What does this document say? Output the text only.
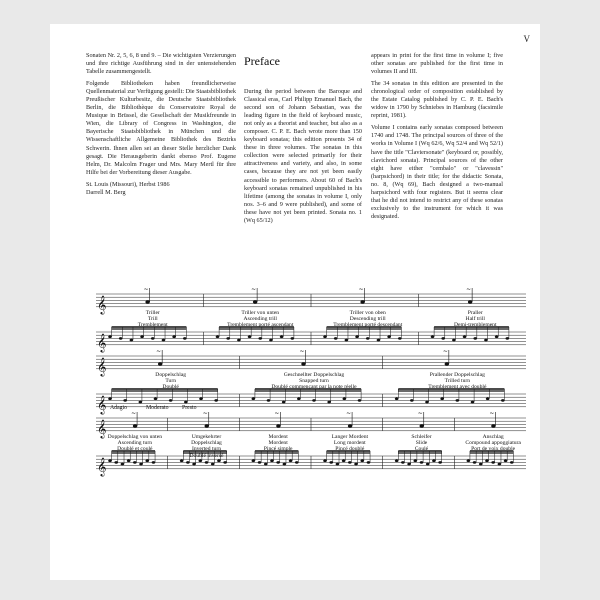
V

Sonaten Nr. 2, 5, 6, 8 und 9. – Die wichtigsten Verzierungen und ihre richtige Ausführung sind in der untenstehenden Tabelle zusammengestellt.

Folgende Bibliotheken haben freundlicherweise Quellenmaterial zur Verfügung gestellt: Die Staatsbibliothek Preußischer Kulturbesitz, die Deutsche Staatsbibliothek Berlin, die Bibliothèque du Conservatoire Royal de Musique in Brüssel, die Gesellschaft der Musikfreunde in Wien, die Library of Congress in Washington, die Bayerische Staatsbibliothek in München und die Wissenschaftliche Allgemeine Bibliothek des Bezirks Schwerin. Ihnen allen sei an dieser Stelle herzlicher Dank gesagt. Die Herausgeberin dankt ebenso Prof. Eugene Helm, Dr. Malcolm Frager und Mrs. Mary Mertl für ihre Hilfe bei der Vorbereitung dieser Ausgabe.

St. Louis (Missouri), Herbst 1986

Darrell M. Berg

Preface

During the period between the Baroque and Classical eras, Carl Philipp Emanuel Bach, the second son of Johann Sebastian, was the leading figure in the field of keyboard music, not only as a theorist and teacher, but also as a composer. C. P. E. Bach wrote more than 150 keyboard sonatas; this edition presents 34 of these in three volumes. The sonatas in this collection were selected primarily for their attractiveness and variety, and also, in some cases, because they are not yet been easily accessible to performers. About 60 of Bach's keyboard sonatas remained unpublished in his lifetime (among the sonatas in volume I, only nos. 3–6 and 9 were published), and some of these have not yet been printed. Sonata no. 1 (Wq 65/12)

appears in print for the first time in volume I; five other sonatas are published for the first time in volumes II and III.

The 34 sonatas in this edition are presented in the chronological order of composition established by the Estate Catalog published by C. P. E. Bach's widow in 1790 by Schniebes in Hamburg (facsimile reprint, 1981).

Volume I contains early sonatas composed between 1740 and 1748. The principal sources of three of the works in Volume I (Wq 62/6, Wq 52/4 and Wq 52/1) have the title "Claviersonate" (keyboard or, possibly, clavichord sonata). Principal sources of the other eight have either "cembalo" or "clavessin" (harpsichord) in their title; for the didactic Sonata, no. 8, (Wq 69), Bach designed a two-manual harpsichord with four registers. But it seems clear that he did not intend to restrict any of these sonatas exclusively to the instrument for which it was designated.

𝄞
𝄞
~	~	~	~
Triller
Trill
Tremblement
Triller von unten
Ascending trill
Tremblement porté ascendant
Triller von oben
Descending trill
Tremblement porté descendant
Praller
Half trill
Demi-tremblement
𝄞
𝄞
~	~	~
Doppelschlag
Turn
Doublé
Geschnellter Doppelschlag
Snapped turn
Doublé commençant par la note réelle
Prallender Doppelschlag
Trilled turn
Tremblement avec doublé
Adagio	Moderato Presto
𝄞
𝄞
~	~	~	~	~	~
Doppelschlag von unten
Ascending turn
Doublé et coulé
Umgekehrter Doppelschlag
Inverted turn
Doublé inversé
Mordent
Mordent
Pincé simple
Langer Mordent
Long mordent
Pincé doublé
Schleifer
Slide
Coulé
Anschlag
Compound appoggiatura
Port de voix double
